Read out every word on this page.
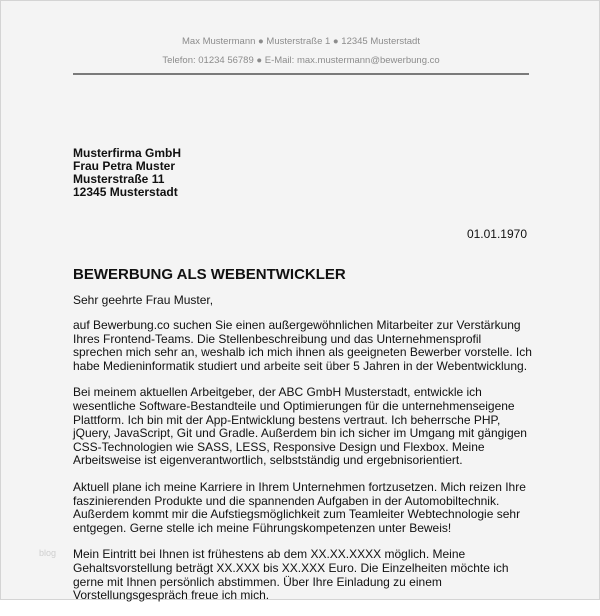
Max Mustermann ● Musterstraße 1 ● 12345 Musterstadt
Telefon: 01234 56789 ● E-Mail: max.mustermann@bewerbung.co
Musterfirma GmbH
Frau Petra Muster
Musterstraße 11
12345 Musterstadt
01.01.1970
BEWERBUNG ALS WEBENTWICKLER
Sehr geehrte Frau Muster,

auf Bewerbung.co suchen Sie einen außergewöhnlichen Mitarbeiter zur Verstärkung Ihres Frontend-Teams. Die Stellenbeschreibung und das Unternehmensprofil sprechen mich sehr an, weshalb ich mich ihnen als geeigneten Bewerber vorstelle. Ich habe Medieninformatik studiert und arbeite seit über 5 Jahren in der Webentwicklung.

Bei meinem aktuellen Arbeitgeber, der ABC GmbH Musterstadt, entwickle ich wesentliche Software-Bestandteile und Optimierungen für die unternehmenseigene Plattform. Ich bin mit der App-Entwicklung bestens vertraut. Ich beherrsche PHP, jQuery, JavaScript, Git und Gradle. Außerdem bin ich sicher im Umgang mit gängigen CSS-Technologien wie SASS, LESS, Responsive Design und Flexbox. Meine Arbeitsweise ist eigenverantwortlich, selbstständig und ergebnisorientiert.

Aktuell plane ich meine Karriere in Ihrem Unternehmen fortzusetzen. Mich reizen Ihre faszinierenden Produkte und die spannenden Aufgaben in der Automobiltechnik. Außerdem kommt mir die Aufstiegsmöglichkeit zum Teamleiter Webtechnologie sehr entgegen. Gerne stelle ich meine Führungskompetenzen unter Beweis!

Mein Eintritt bei Ihnen ist frühestens ab dem XX.XX.XXXX möglich. Meine Gehaltsvorstellung beträgt XX.XXX bis XX.XXX Euro. Die Einzelheiten möchte ich gerne mit Ihnen persönlich abstimmen. Über Ihre Einladung zu einem Vorstellungsgespräch freue ich mich.

blog
